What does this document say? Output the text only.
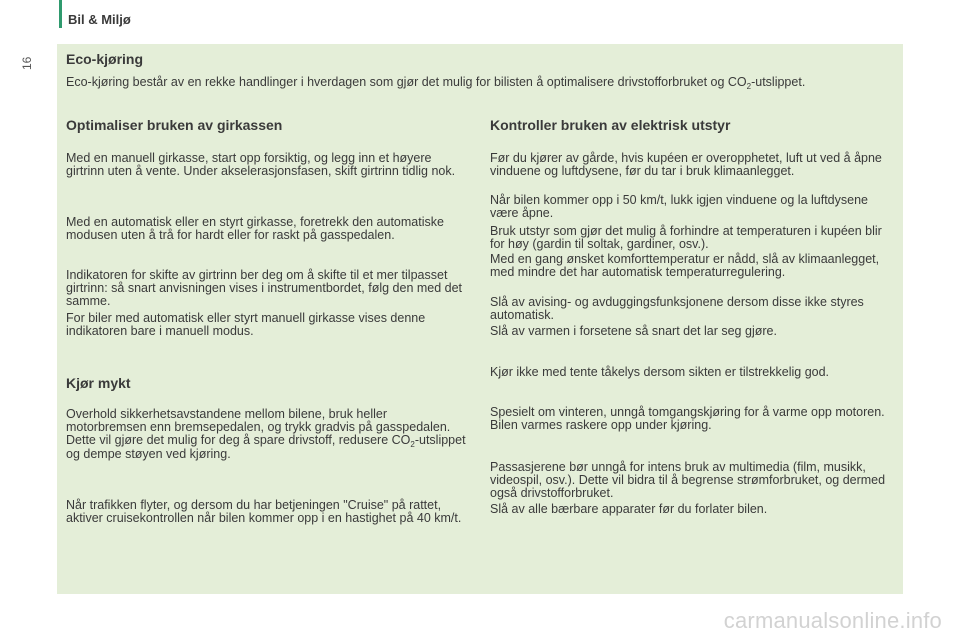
Bil & Miljø
16 Eco-kjøring
Eco-kjøring består av en rekke handlinger i hverdagen som gjør det mulig for bilisten å optimalisere drivstofforbruket og $CO_2$-utslippet.
Optimaliser bruken av girkassen
Med en manuell girkasse, start opp forsiktig, og legg inn et høyere girtrinn uten å vente. Under akselerasjonsfasen, skift girtrinn tidlig nok.
Med en automatisk eller en styrt girkasse, foretrekk den automatiske modusen uten å trå for hardt eller for raskt på gasspedalen.
Indikatoren for skifte av girtrinn ber deg om å skifte til et mer tilpasset girtrinn: så snart anvisningen vises i instrumentbordet, følg den med det samme.
For biler med automatisk eller styrt manuell girkasse vises denne indikatoren bare i manuell modus.
Kjør mykt
Overhold sikkerhetsavstandene mellom bilene, bruk heller motorbremsen enn bremsepedalen, og trykk gradvis på gasspedalen. Dette vil gjøre det mulig for deg å spare drivstoff, redusere $CO_2$-utslippet og dempe støyen ved kjøring.
Når trafikken flyter, og dersom du har betjeningen "Cruise" på rattet, aktiver cruisekontrollen når bilen kommer opp i en hastighet på 40 km/t.
Kontroller bruken av elektrisk utstyr
Før du kjører av gårde, hvis kupéen er overopphetet, luft ut ved å åpne vinduene og luftdysene, før du tar i bruk klimaanlegget.
Når bilen kommer opp i 50 km/t, lukk igjen vinduene og la luftdysene være åpne.
Bruk utstyr som gjør det mulig å forhindre at temperaturen i kupéen blir for høy (gardin til soltak, gardiner, osv.).
Med en gang ønsket komforttemperatur er nådd, slå av klimaanlegget, med mindre det har automatisk temperaturregulering.
Slå av avising- og avduggingsfunksjonene dersom disse ikke styres automatisk.
Slå av varmen i forsetene så snart det lar seg gjøre.
Kjør ikke med tente tåkelys dersom sikten er tilstrekkelig god.
Spesielt om vinteren, unngå tomgangskjøring for å varme opp motoren. Bilen varmes raskere opp under kjøring.
Passasjerene bør unngå for intens bruk av multimedia (film, musikk, videospil, osv.). Dette vil bidra til å begrense strømforbruket, og dermed også drivstofforbruket.
Slå av alle bærbare apparater før du forlater bilen.
carmanualsonline.info
